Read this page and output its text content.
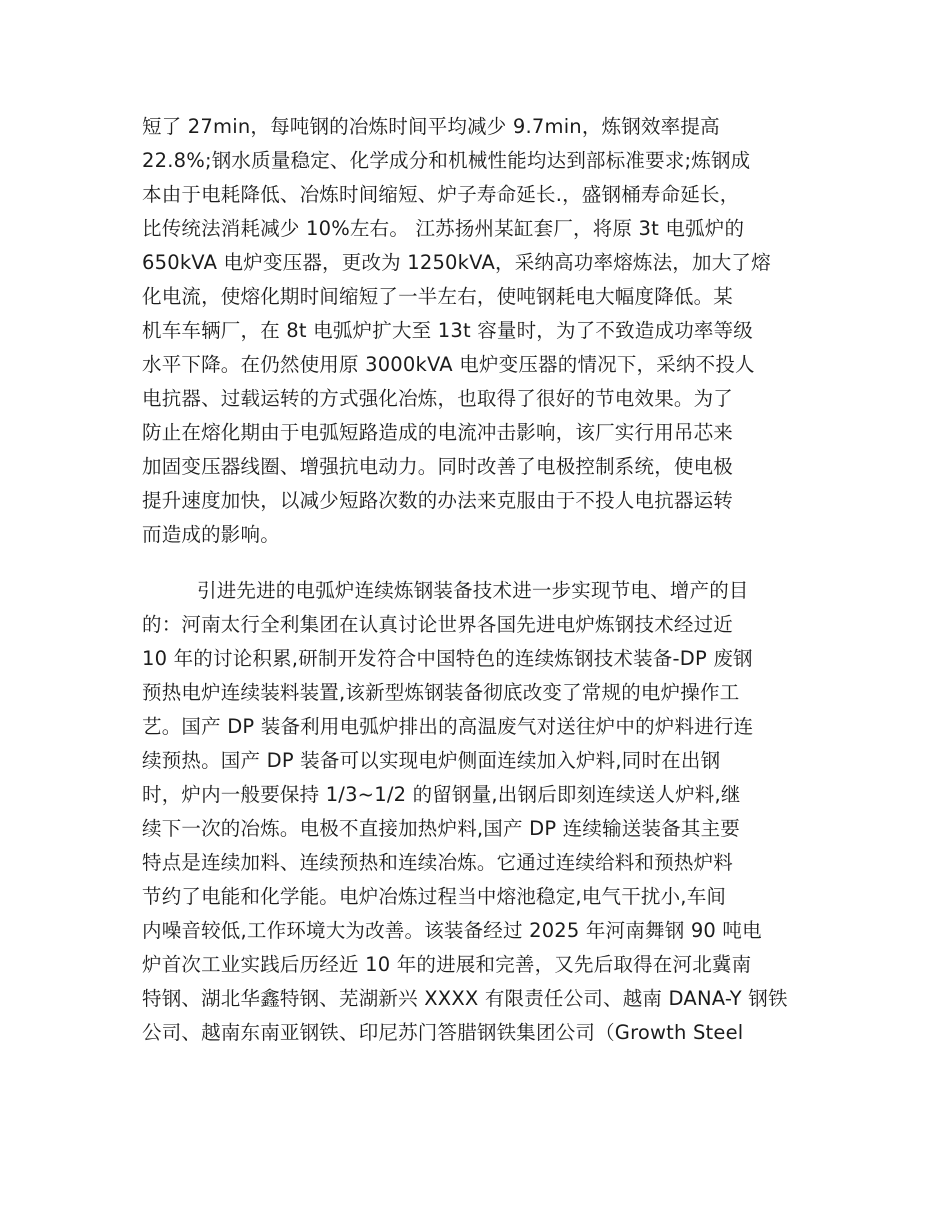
短了 27min，每吨钢的冶炼时间平均减少 9.7min，炼钢效率提高
22.8%;钢水质量稳定、化学成分和机械性能均达到部标准要求;炼钢成
本由于电耗降低、冶炼时间缩短、炉子寿命延长.，盛钢桶寿命延长，
比传统法消耗减少 10%左右。 江苏扬州某缸套厂，将原 3t 电弧炉的
650kVA 电炉变压器，更改为 1250kVA，采纳高功率熔炼法，加大了熔
化电流，使熔化期时间缩短了一半左右，使吨钢耗电大幅度降低。某
机车车辆厂，在 8t 电弧炉扩大至 13t 容量时，为了不致造成功率等级
水平下降。在仍然使用原 3000kVA 电炉变压器的情况下，采纳不投人
电抗器、过载运转的方式强化冶炼，也取得了很好的节电效果。为了
防止在熔化期由于电弧短路造成的电流冲击影响，该厂实行用吊芯来
加固变压器线圈、增强抗电动力。同时改善了电极控制系统，使电极
提升速度加快，以减少短路次数的办法来克服由于不投人电抗器运转
而造成的影响。
引进先进的电弧炉连续炼钢装备技术进一步实现节电、增产的目
的：河南太行全利集团在认真讨论世界各国先进电炉炼钢技术经过近
10 年的讨论积累,研制开发符合中国特色的连续炼钢技术装备-DP 废钢
预热电炉连续装料装置,该新型炼钢装备彻底改变了常规的电炉操作工
艺。国产 DP 装备利用电弧炉排出的高温废气对送往炉中的炉料进行连
续预热。国产 DP 装备可以实现电炉侧面连续加入炉料,同时在出钢
时，炉内一般要保持 1/3~1/2 的留钢量,出钢后即刻连续送人炉料,继
续下一次的冶炼。电极不直接加热炉料,国产 DP 连续输送装备其主要
特点是连续加料、连续预热和连续冶炼。它通过连续给料和预热炉料
节约了电能和化学能。电炉冶炼过程当中熔池稳定,电气干扰小,车间
内噪音较低,工作环境大为改善。该装备经过 2025 年河南舞钢 90 吨电
炉首次工业实践后历经近 10 年的进展和完善，又先后取得在河北冀南
特钢、湖北华鑫特钢、芜湖新兴 XXXX 有限责任公司、越南 DANA-Y 钢铁
公司、越南东南亚钢铁、印尼苏门答腊钢铁集团公司（Growth Steel
